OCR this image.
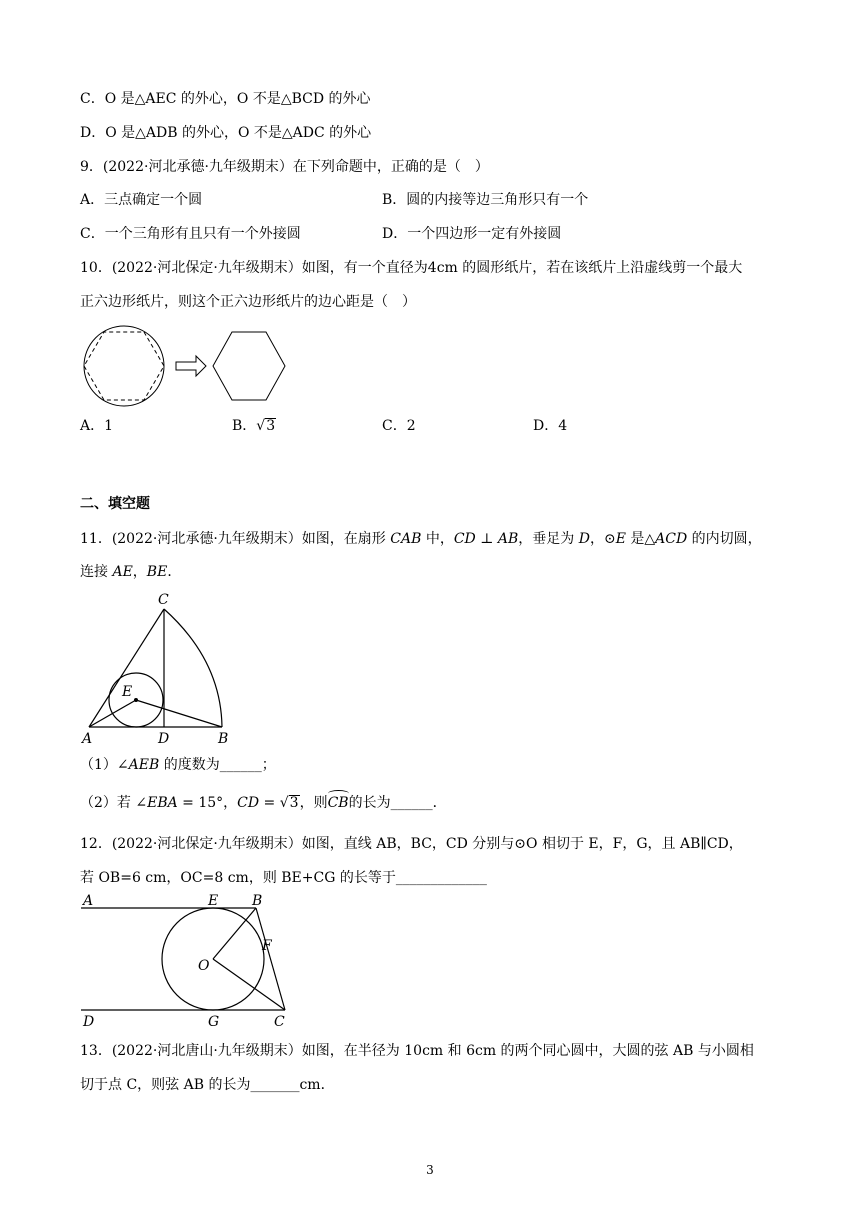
C．O 是△AEC 的外心，O 不是△BCD 的外心
D．O 是△ADB 的外心，O 不是△ADC 的外心
9．(2022·河北承德·九年级期末）在下列命题中，正确的是（　）
A．三点确定一个圆	B．圆的内接等边三角形只有一个
C．一个三角形有且只有一个外接圆	D．一个四边形一定有外接圆
10．(2022·河北保定·九年级期末）如图，有一个直径为4cm 的圆形纸片，若在该纸片上沿虚线剪一个最大
正六边形纸片，则这个正六边形纸片的边心距是（　）
A．1	B．√3	C．2	D．4
二、填空题
11．(2022·河北承德·九年级期末）如图，在扇形 CAB 中，CD ⊥ AB，垂足为 D，⊙E 是△ACD 的内切圆，
连接 AE，BE．
C
E
A	D	B
（1）∠AEB 的度数为______；
（2）若 ∠EBA = 15°，CD = √3，则CB的长为______．
12．(2022·河北保定·九年级期末）如图，直线 AB，BC，CD 分别与⊙O 相切于 E，F，G，且 AB∥CD，
若 OB=6 cm，OC=8 cm，则 BE+CG 的长等于_____________
A	E B
F
O
D	G	C
13．(2022·河北唐山·九年级期末）如图，在半径为 10cm 和 6cm 的两个同心圆中，大圆的弦 AB 与小圆相
切于点 C，则弦 AB 的长为_______cm．
3
